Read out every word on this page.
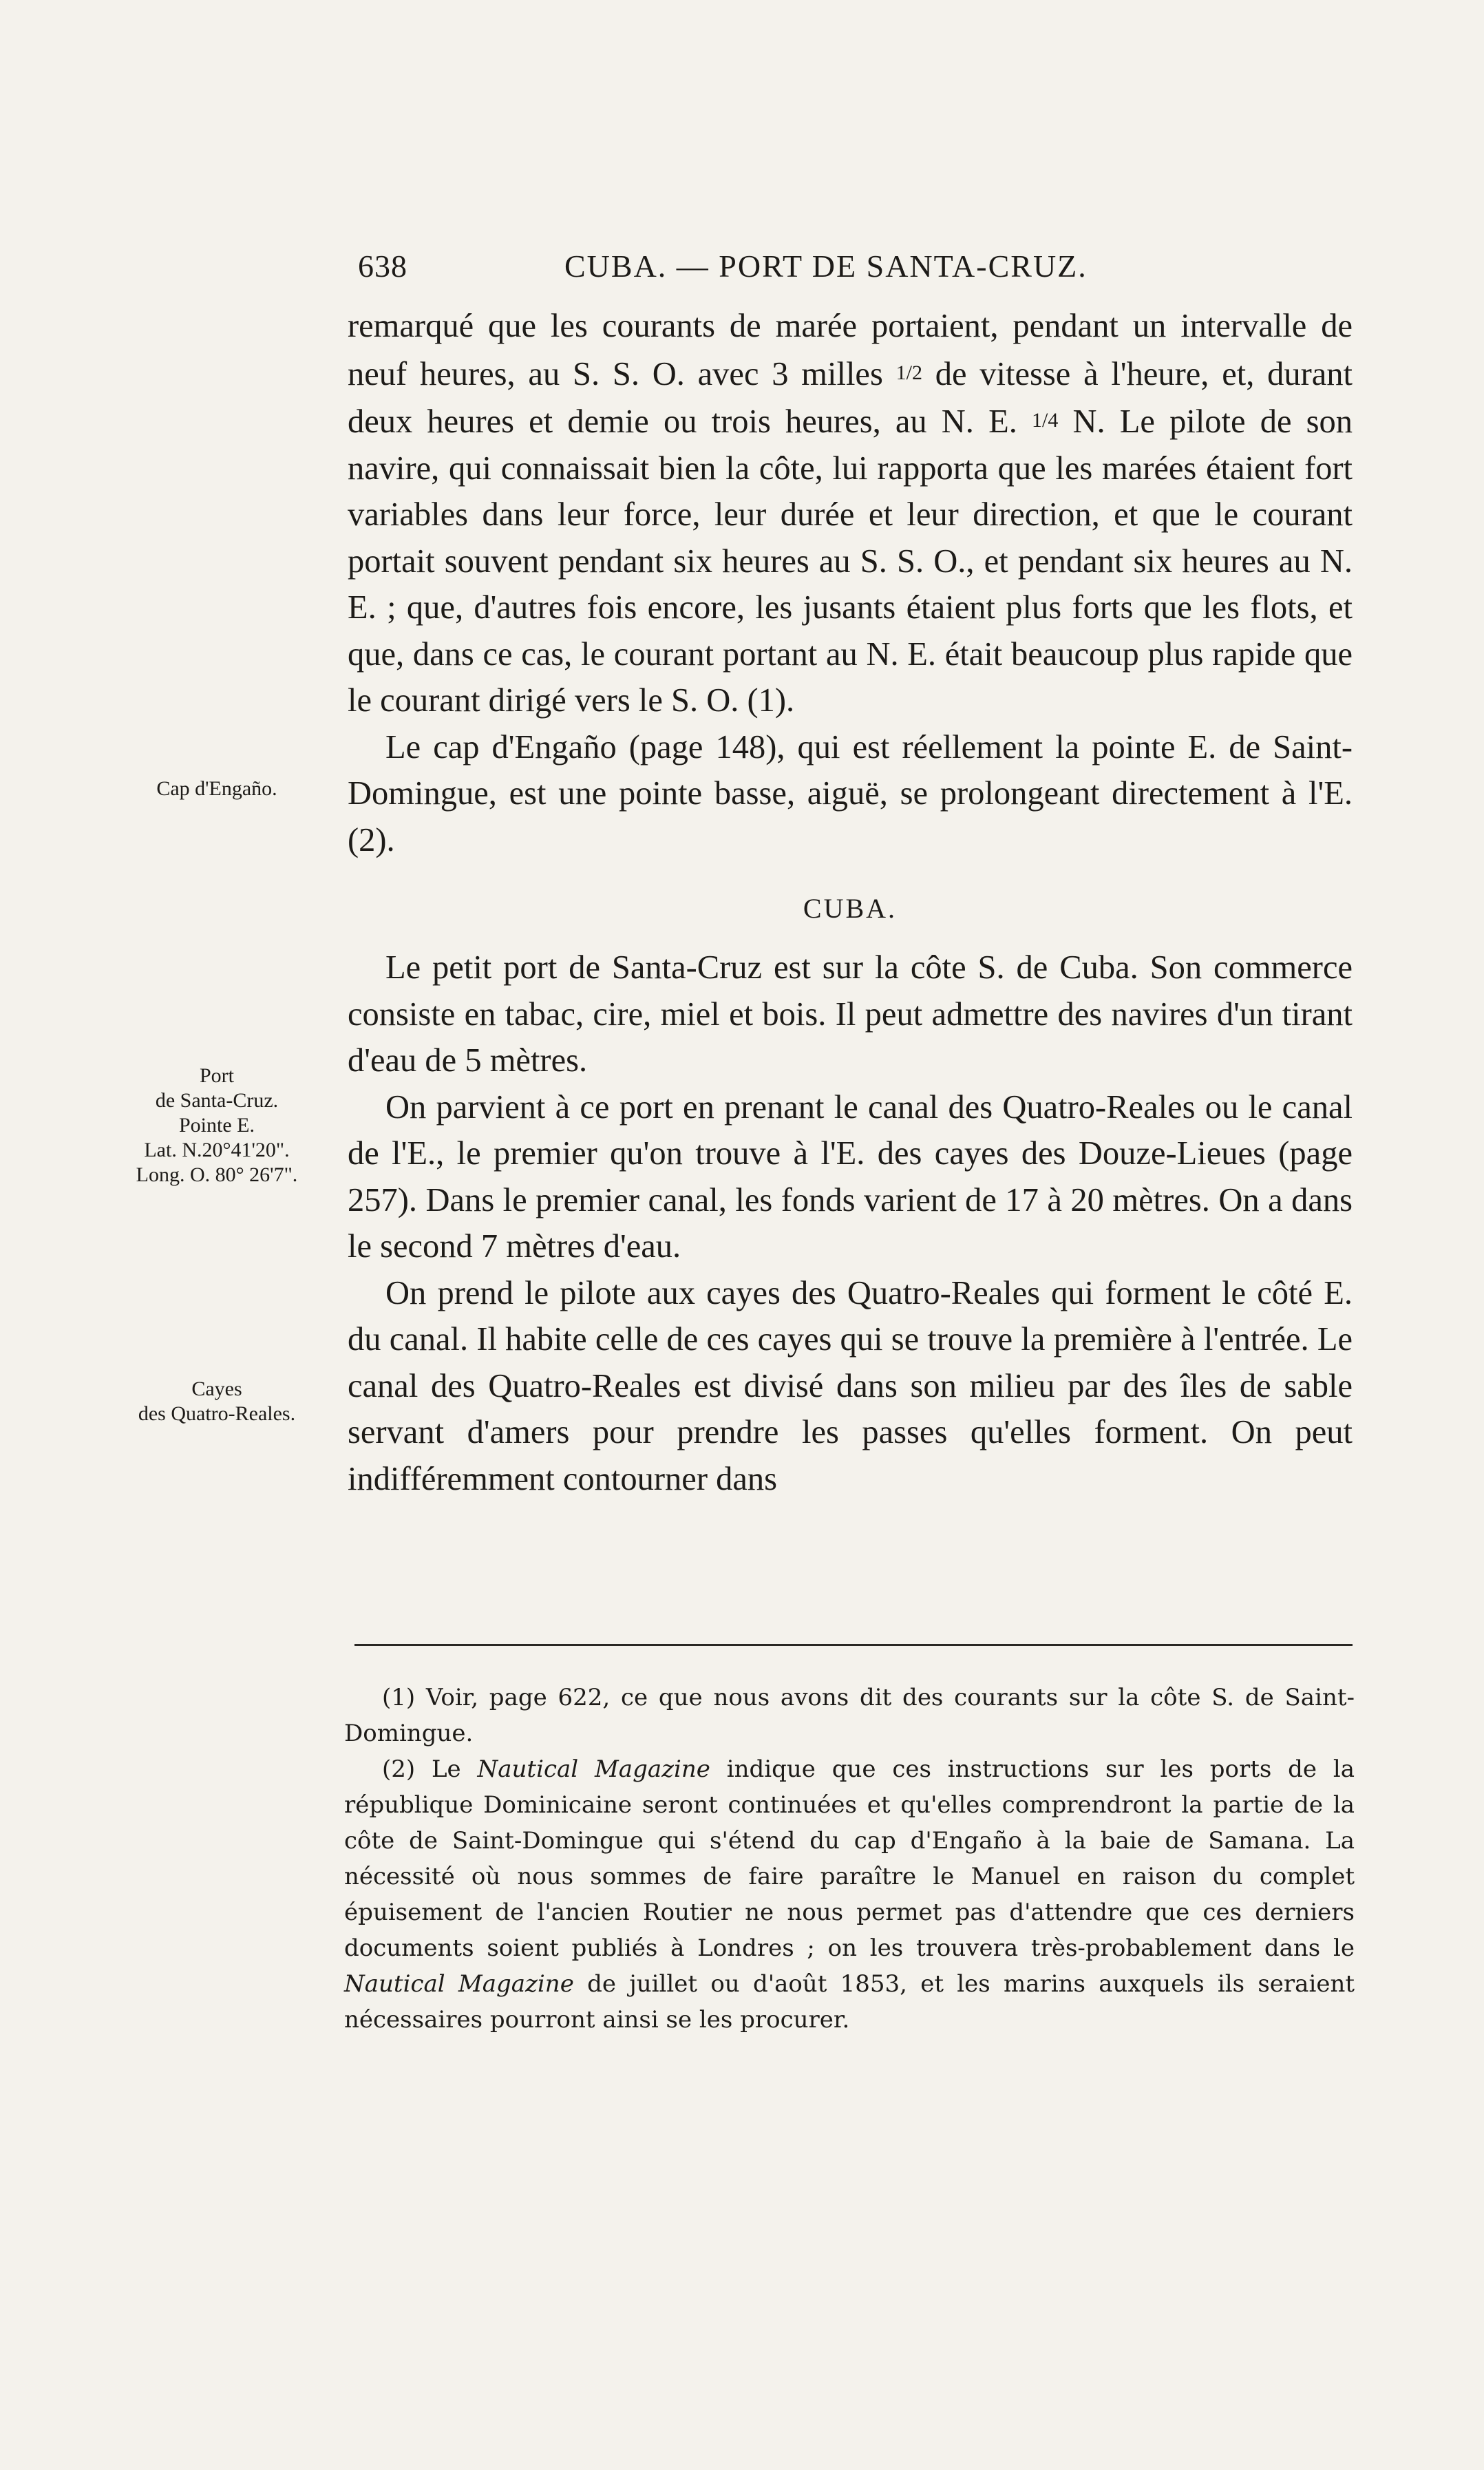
638	CUBA. — PORT DE SANTA-CRUZ.

Cap d'Engaño.

Port

de Santa-Cruz.

Pointe E.

Lat. N.20°41'20".

Long. O. 80° 26'7".

Cayes

des Quatro-Reales.

remarqué que les courants de marée portaient, pendant un intervalle de neuf heures, au S. S. O. avec 3 milles 1/2 de vitesse à l'heure, et, durant deux heures et demie ou trois heures, au N. E. 1/4 N. Le pilote de son navire, qui connaissait bien la côte, lui rapporta que les marées étaient fort variables dans leur force, leur durée et leur direction, et que le courant portait souvent pendant six heures au S. S. O., et pendant six heures au N. E. ; que, d'autres fois encore, les jusants étaient plus forts que les flots, et que, dans ce cas, le courant portant au N. E. était beaucoup plus rapide que le courant dirigé vers le S. O. (1).

Le cap d'Engaño (page 148), qui est réellement la pointe E. de Saint-Domingue, est une pointe basse, aiguë, se prolongeant directement à l'E. (2).

CUBA.

Le petit port de Santa-Cruz est sur la côte S. de Cuba. Son commerce consiste en tabac, cire, miel et bois. Il peut admettre des navires d'un tirant d'eau de 5 mètres.

On parvient à ce port en prenant le canal des Quatro-Reales ou le canal de l'E., le premier qu'on trouve à l'E. des cayes des Douze-Lieues (page 257). Dans le premier canal, les fonds varient de 17 à 20 mètres. On a dans le second 7 mètres d'eau.

On prend le pilote aux cayes des Quatro-Reales qui forment le côté E. du canal. Il habite celle de ces cayes qui se trouve la première à l'entrée. Le canal des Quatro-Reales est divisé dans son milieu par des îles de sable servant d'amers pour prendre les passes qu'elles forment. On peut indifféremment contourner dans

(1) Voir, page 622, ce que nous avons dit des courants sur la côte S. de Saint-Domingue.

(2) Le Nautical Magazine indique que ces instructions sur les ports de la république Dominicaine seront continuées et qu'elles comprendront la partie de la côte de Saint-Domingue qui s'étend du cap d'Engaño à la baie de Samana. La nécessité où nous sommes de faire paraître le Manuel en raison du complet épuisement de l'ancien Routier ne nous permet pas d'attendre que ces derniers documents soient publiés à Londres ; on les trouvera très-probablement dans le Nautical Magazine de juillet ou d'août 1853, et les marins auxquels ils seraient nécessaires pourront ainsi se les procurer.
